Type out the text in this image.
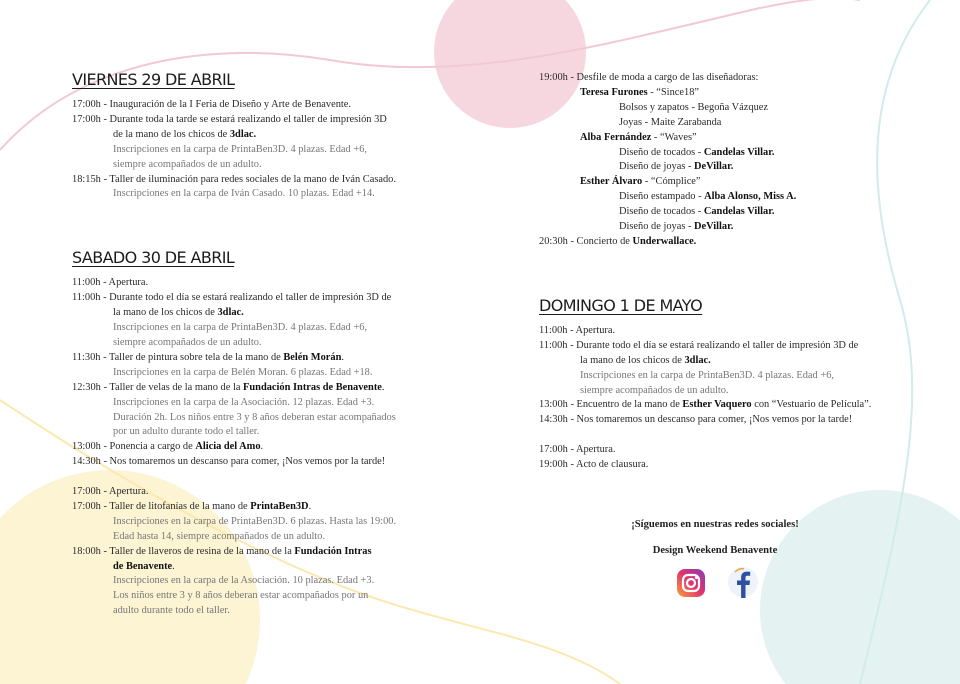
VIERNES 29 DE ABRIL
17:00h - Inauguración de la I Feria de Diseño y Arte de Benavente.
17:00h - Durante toda la tarde se estará realizando el taller de impresión 3D
de la mano de los chicos de 3dlac.
Inscripciones en la carpa de PrintaBen3D. 4 plazas. Edad +6,
siempre acompañados de un adulto.
18:15h - Taller de iluminación para redes sociales de la mano de Iván Casado.
Inscripciones en la carpa de Iván Casado. 10 plazas. Edad +14.
SABADO 30 DE ABRIL
11:00h - Apertura.
11:00h - Durante todo el día se estará realizando el taller de impresión 3D de
la mano de los chicos de 3dlac.
Inscripciones en la carpa de PrintaBen3D. 4 plazas. Edad +6,
siempre acompañados de un adulto.
11:30h - Taller de pintura sobre tela de la mano de Belén Morán.
Inscripciones en la carpa de Belén Moran. 6 plazas. Edad +18.
12:30h - Taller de velas de la mano de la Fundación Intras de Benavente.
Inscripciones en la carpa de la Asociación. 12 plazas. Edad +3.
Duración 2h. Los niños entre 3 y 8 años deberan estar acompañados
por un adulto durante todo el taller.
13:00h - Ponencia a cargo de Alicia del Amo.
14:30h - Nos tomaremos un descanso para comer, ¡Nos vemos por la tarde!
17:00h - Apertura.
17:00h - Taller de litofanías de la mano de PrintaBen3D.
Inscripciones en la carpa de PrintaBen3D. 6 plazas. Hasta las 19:00.
Edad hasta 14, siempre acompañados de un adulto.
18:00h - Taller de llaveros de resina de la mano de la Fundación Intras
de Benavente.
Inscripciones en la carpa de la Asociación. 10 plazas. Edad +3.
Los niños entre 3 y 8 años deberan estar acompañados por un
adulto durante todo el taller.
19:00h - Desfile de moda a cargo de las diseñadoras:
Teresa Furones - “Since18”
Bolsos y zapatos - Begoña Vázquez
Joyas - Maite Zarabanda
Alba Fernández - “Waves”
Diseño de tocados - Candelas Villar.
Diseño de joyas - DeVillar.
Esther Álvaro - “Cómplice”
Diseño estampado - Alba Alonso, Miss A.
Diseño de tocados - Candelas Villar.
Diseño de joyas - DeVillar.
20:30h - Concierto de Underwallace.
DOMINGO 1 DE MAYO
11:00h - Apertura.
11:00h - Durante todo el día se estará realizando el taller de impresión 3D de
la mano de los chicos de 3dlac.
Inscripciones en la carpa de PrintaBen3D. 4 plazas. Edad +6,
siempre acompañados de un adulto.
13:00h - Encuentro de la mano de Esther Vaquero con “Vestuario de Película”.
14:30h - Nos tomaremos un descanso para comer, ¡Nos vemos por la tarde!
17:00h - Apertura.
19:00h - Acto de clausura.
¡Síguemos en nuestras redes sociales!
Design Weekend Benavente
